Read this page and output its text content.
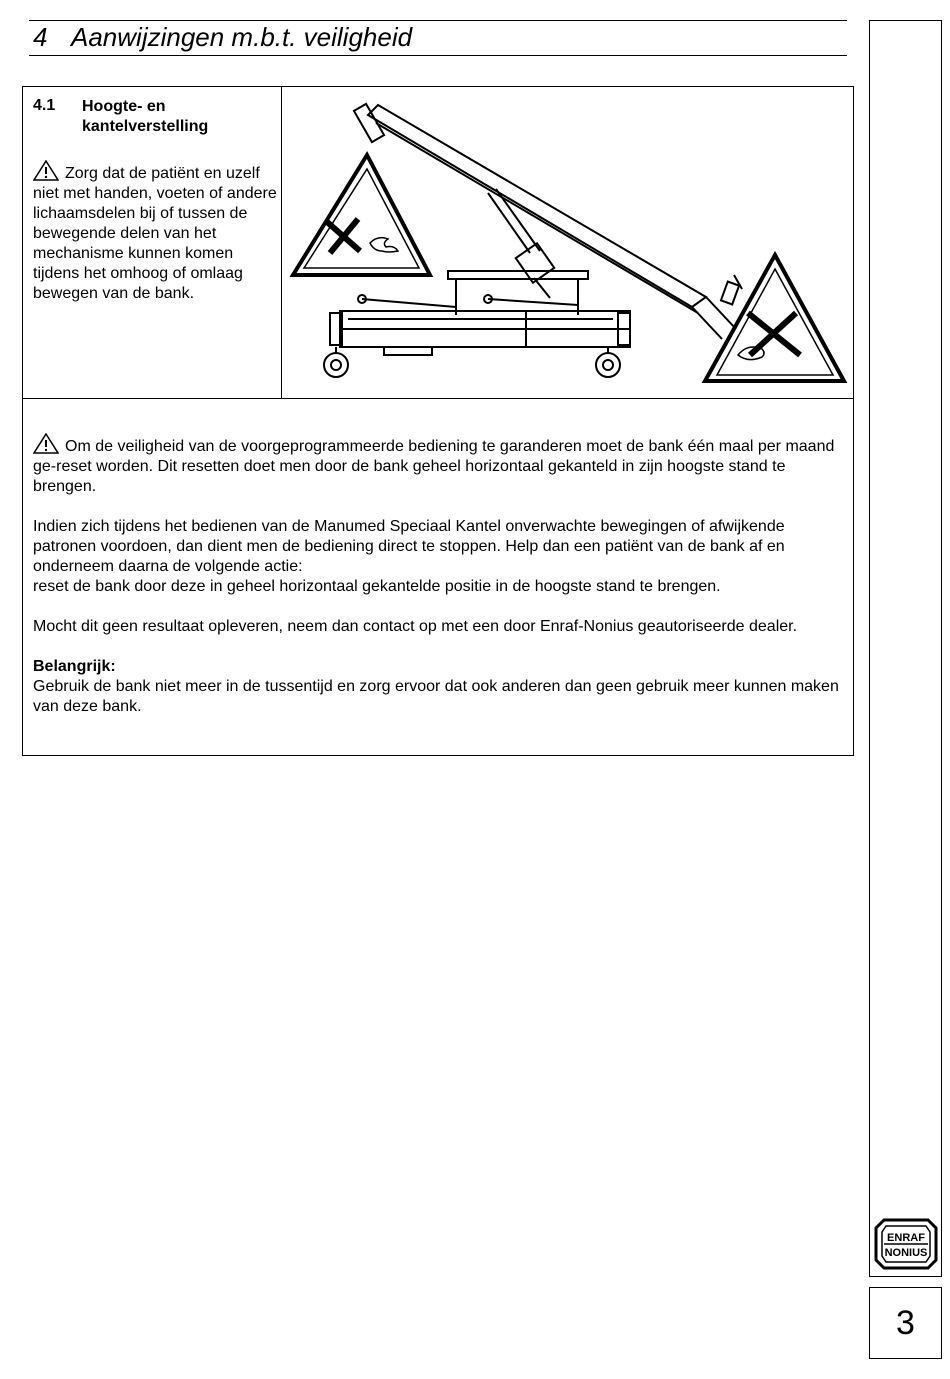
4 Aanwijzingen m.b.t. veiligheid
4.1 Hoogte- en kantelverstelling
Zorg dat de patiënt en uzelf niet met handen, voeten of andere lichaamsdelen bij of tussen de bewegende delen van het mechanisme kunnen komen tijdens het omhoog of omlaag bewegen van de bank.

Om de veiligheid van de voorgeprogrammeerde bediening te garanderen moet de bank één maal per maand ge-reset worden. Dit resetten doet men door de bank geheel horizontaal gekanteld in zijn hoogste stand te brengen.

Indien zich tijdens het bedienen van de Manumed Speciaal Kantel onverwachte bewegingen of afwijkende patronen voordoen, dan dient men de bediening direct te stoppen. Help dan een patiënt van de bank af en onderneem daarna de volgende actie:
reset de bank door deze in geheel horizontaal gekantelde positie in de hoogste stand te brengen.

Mocht dit geen resultaat opleveren, neem dan contact op met een door Enraf-Nonius geautoriseerde dealer.

Belangrijk:
Gebruik de bank niet meer in de tussentijd en zorg ervoor dat ook anderen dan geen gebruik meer kunnen maken van deze bank.

ENRAF
NONIUS
3
